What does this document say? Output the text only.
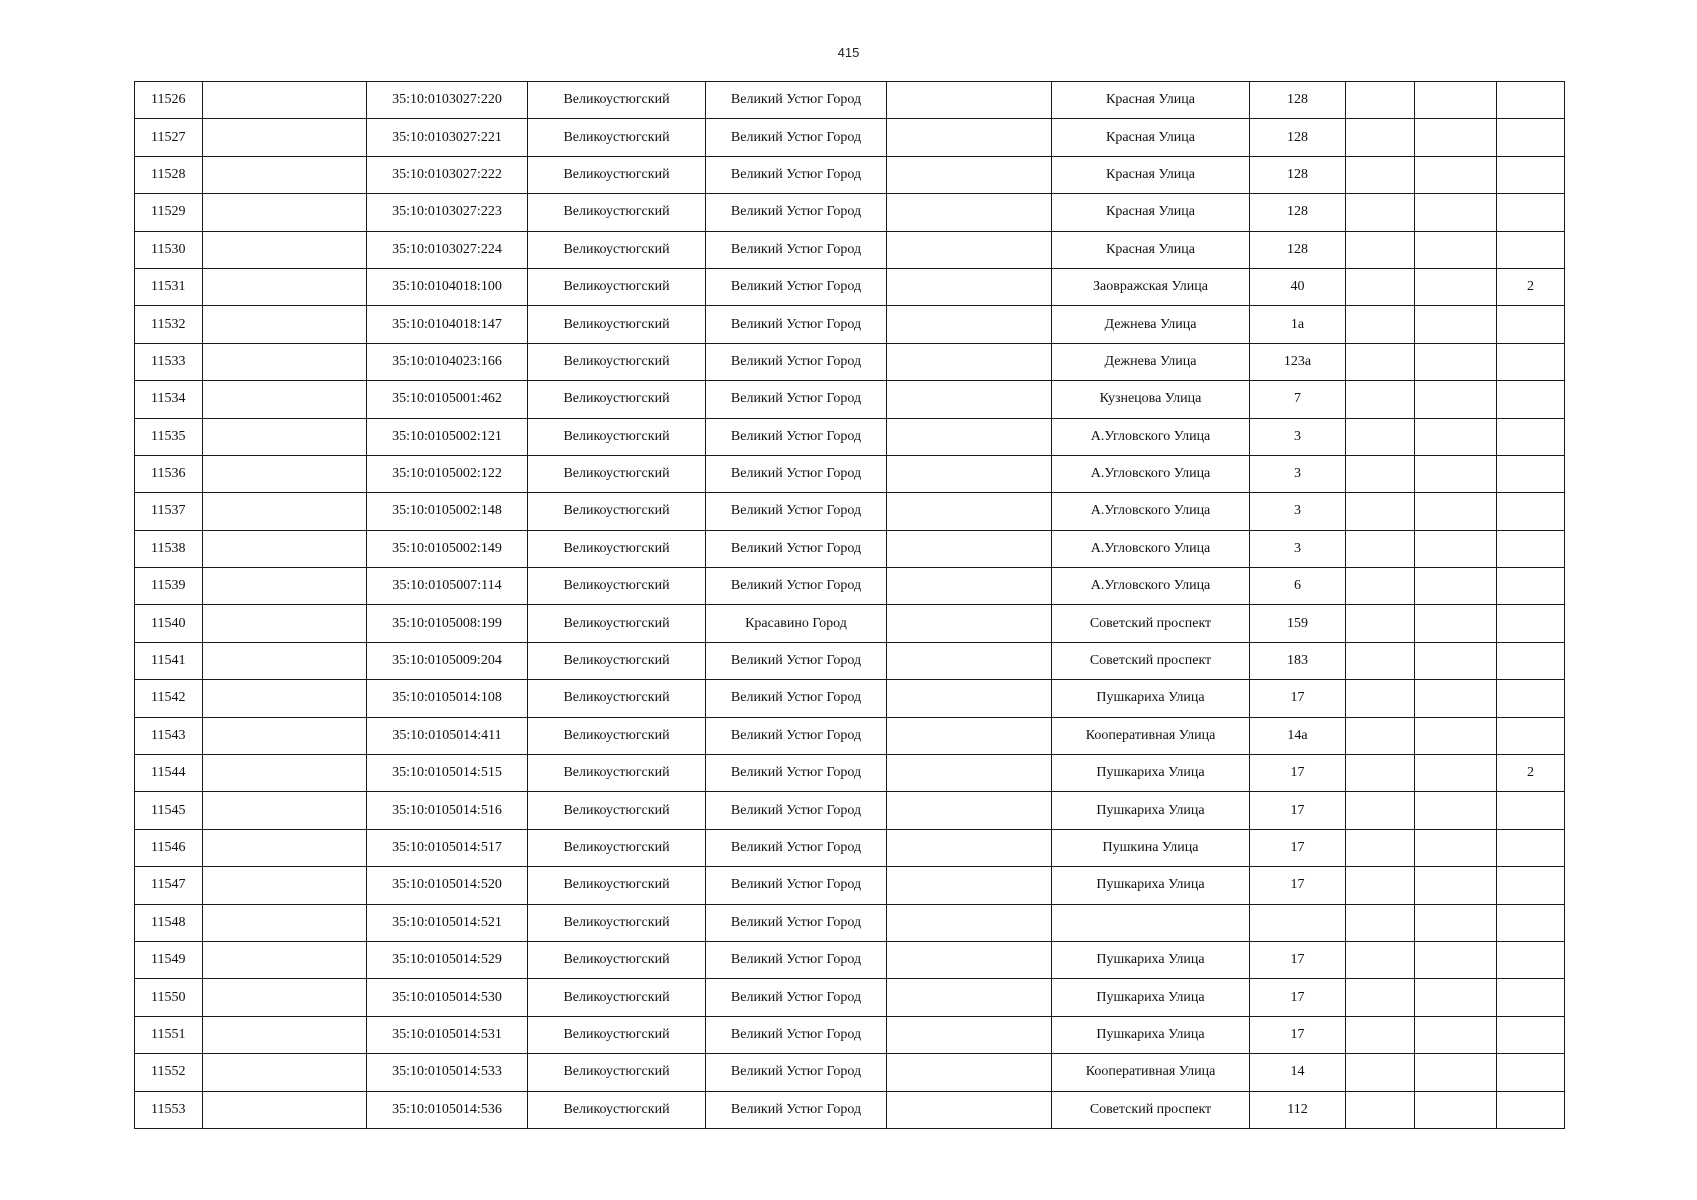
415
11526		35:10:0103027:220	Великоустюгский	Великий Устюг Город		Красная Улица	128			
11527		35:10:0103027:221	Великоустюгский	Великий Устюг Город		Красная Улица	128			
11528		35:10:0103027:222	Великоустюгский	Великий Устюг Город		Красная Улица	128			
11529		35:10:0103027:223	Великоустюгский	Великий Устюг Город		Красная Улица	128			
11530		35:10:0103027:224	Великоустюгский	Великий Устюг Город		Красная Улица	128			
11531		35:10:0104018:100	Великоустюгский	Великий Устюг Город		Заовражская Улица	40			2
11532		35:10:0104018:147	Великоустюгский	Великий Устюг Город		Дежнева Улица	1а			
11533		35:10:0104023:166	Великоустюгский	Великий Устюг Город		Дежнева Улица	123а			
11534		35:10:0105001:462	Великоустюгский	Великий Устюг Город		Кузнецова Улица	7			
11535		35:10:0105002:121	Великоустюгский	Великий Устюг Город		А.Угловского Улица	3			
11536		35:10:0105002:122	Великоустюгский	Великий Устюг Город		А.Угловского Улица	3			
11537		35:10:0105002:148	Великоустюгский	Великий Устюг Город		А.Угловского Улица	3			
11538		35:10:0105002:149	Великоустюгский	Великий Устюг Город		А.Угловского Улица	3			
11539		35:10:0105007:114	Великоустюгский	Великий Устюг Город		А.Угловского Улица	6			
11540		35:10:0105008:199	Великоустюгский	Красавино Город		Советский проспект	159			
11541		35:10:0105009:204	Великоустюгский	Великий Устюг Город		Советский проспект	183			
11542		35:10:0105014:108	Великоустюгский	Великий Устюг Город		Пушкариха Улица	17			
11543		35:10:0105014:411	Великоустюгский	Великий Устюг Город		Кооперативная Улица	14а			
11544		35:10:0105014:515	Великоустюгский	Великий Устюг Город		Пушкариха Улица	17			2
11545		35:10:0105014:516	Великоустюгский	Великий Устюг Город		Пушкариха Улица	17			
11546		35:10:0105014:517	Великоустюгский	Великий Устюг Город		Пушкина Улица	17			
11547		35:10:0105014:520	Великоустюгский	Великий Устюг Город		Пушкариха Улица	17			
11548		35:10:0105014:521	Великоустюгский	Великий Устюг Город						
11549		35:10:0105014:529	Великоустюгский	Великий Устюг Город		Пушкариха Улица	17			
11550		35:10:0105014:530	Великоустюгский	Великий Устюг Город		Пушкариха Улица	17			
11551		35:10:0105014:531	Великоустюгский	Великий Устюг Город		Пушкариха Улица	17			
11552		35:10:0105014:533	Великоустюгский	Великий Устюг Город		Кооперативная Улица	14			
11553		35:10:0105014:536	Великоустюгский	Великий Устюг Город		Советский проспект	112			
